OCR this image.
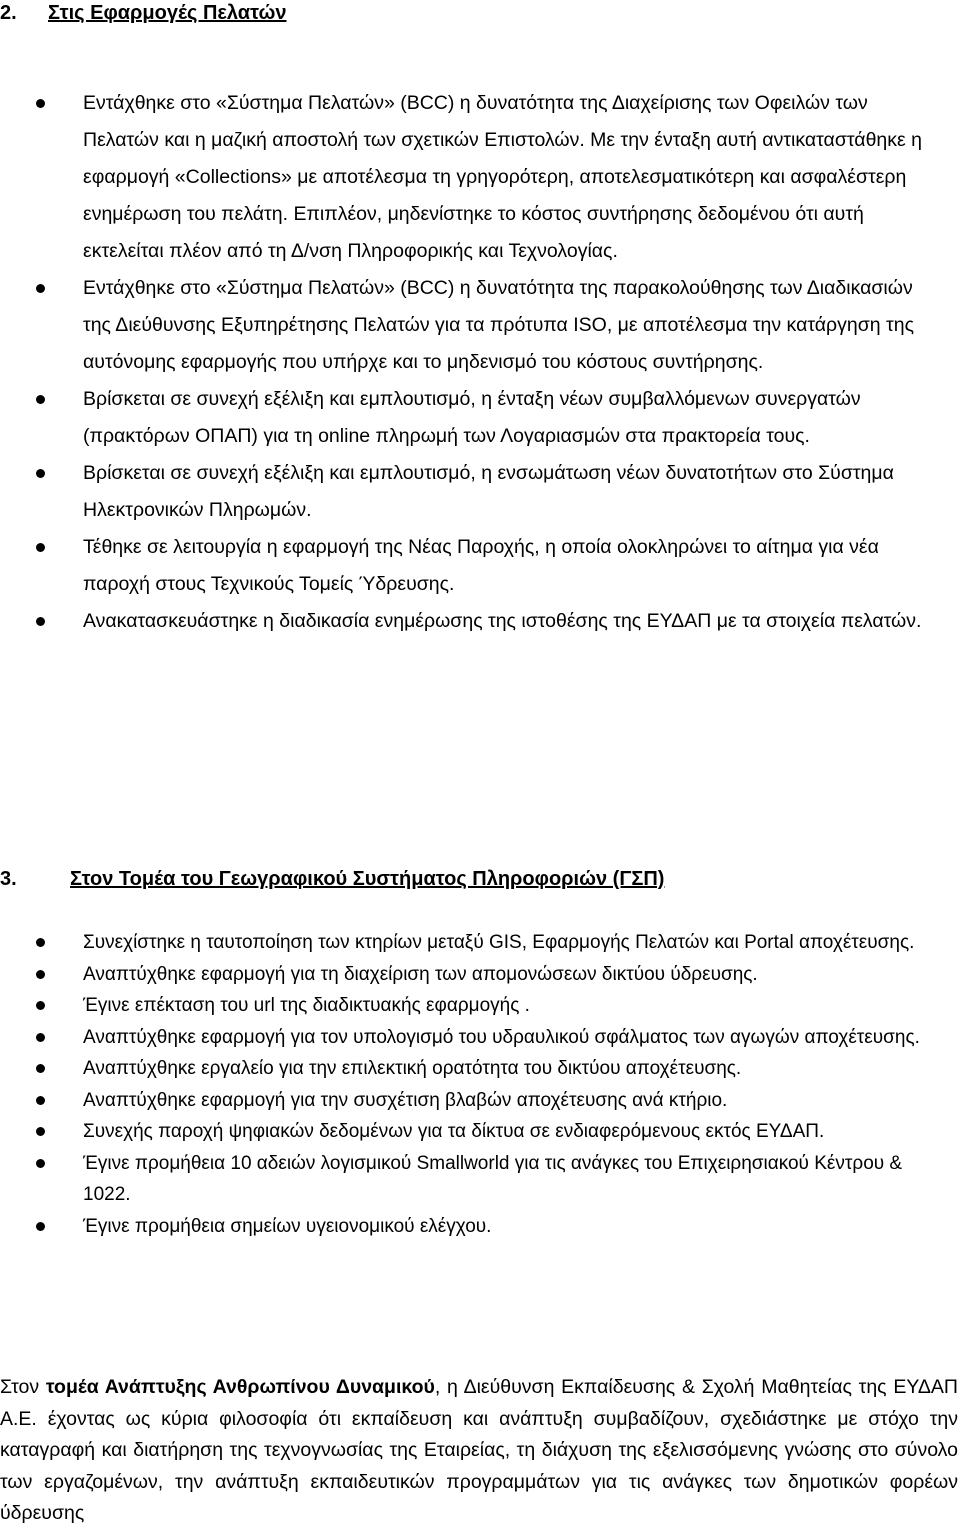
2. Στις Εφαρμογές Πελατών
Εντάχθηκε στο «Σύστημα Πελατών» (BCC) η δυνατότητα της Διαχείρισης των Οφειλών των Πελατών και η μαζική αποστολή των σχετικών Επιστολών. Με την ένταξη αυτή αντικαταστάθηκε η εφαρμογή «Collections» με αποτέλεσμα τη γρηγορότερη, αποτελεσματικότερη και ασφαλέστερη ενημέρωση του πελάτη. Επιπλέον, μηδενίστηκε το κόστος συντήρησης δεδομένου ότι αυτή εκτελείται πλέον από τη Δ/νση Πληροφορικής και Τεχνολογίας.
Εντάχθηκε στο «Σύστημα Πελατών» (BCC) η δυνατότητα της παρακολούθησης των Διαδικασιών της Διεύθυνσης Εξυπηρέτησης Πελατών για τα πρότυπα ISO, με αποτέλεσμα την κατάργηση της αυτόνομης εφαρμογής που υπήρχε και το μηδενισμό του κόστους συντήρησης.
Βρίσκεται σε συνεχή εξέλιξη και εμπλουτισμό, η ένταξη νέων συμβαλλόμενων συνεργατών (πρακτόρων ΟΠΑΠ) για τη online πληρωμή των Λογαριασμών στα πρακτορεία τους.
Βρίσκεται σε συνεχή εξέλιξη και εμπλουτισμό, η ενσωμάτωση νέων δυνατοτήτων στο Σύστημα Ηλεκτρονικών Πληρωμών.
Τέθηκε σε λειτουργία η εφαρμογή της Νέας Παροχής, η οποία ολοκληρώνει το αίτημα για νέα παροχή στους Τεχνικούς Τομείς Ύδρευσης.
Ανακατασκευάστηκε η διαδικασία ενημέρωσης της ιστοθέσης της ΕΥΔΑΠ με τα στοιχεία πελατών.
3.	Στον Τομέα του Γεωγραφικού Συστήματος Πληροφοριών (ΓΣΠ)
Συνεχίστηκε η ταυτοποίηση των κτηρίων μεταξύ GIS, Εφαρμογής Πελατών και Portal αποχέτευσης.
Αναπτύχθηκε εφαρμογή για τη διαχείριση των απομονώσεων δικτύου ύδρευσης.
Έγινε επέκταση του url της διαδικτυακής εφαρμογής .
Αναπτύχθηκε εφαρμογή για τον υπολογισμό του υδραυλικού σφάλματος των αγωγών αποχέτευσης.
Αναπτύχθηκε εργαλείο για την επιλεκτική ορατότητα του δικτύου αποχέτευσης.
Αναπτύχθηκε εφαρμογή για την συσχέτιση βλαβών αποχέτευσης ανά κτήριο.
Συνεχής παροχή ψηφιακών δεδομένων για τα δίκτυα σε ενδιαφερόμενους εκτός ΕΥΔΑΠ.
Έγινε προμήθεια 10 αδειών λογισμικού Smallworld για τις ανάγκες του Επιχειρησιακού Κέντρου & 1022.
Έγινε προμήθεια σημείων υγειονομικού ελέγχου.

Στον τομέα Ανάπτυξης Ανθρωπίνου Δυναμικού, η Διεύθυνση Εκπαίδευσης & Σχολή Μαθητείας της ΕΥΔΑΠ Α.Ε. έχοντας ως κύρια φιλοσοφία ότι εκπαίδευση και ανάπτυξη συμβαδίζουν, σχεδιάστηκε με στόχο την καταγραφή και διατήρηση της τεχνογνωσίας της Εταιρείας, τη διάχυση της εξελισσόμενης γνώσης στο σύνολο των εργαζομένων, την ανάπτυξη εκπαιδευτικών προγραμμάτων για τις ανάγκες των δημοτικών φορέων ύδρευσης
